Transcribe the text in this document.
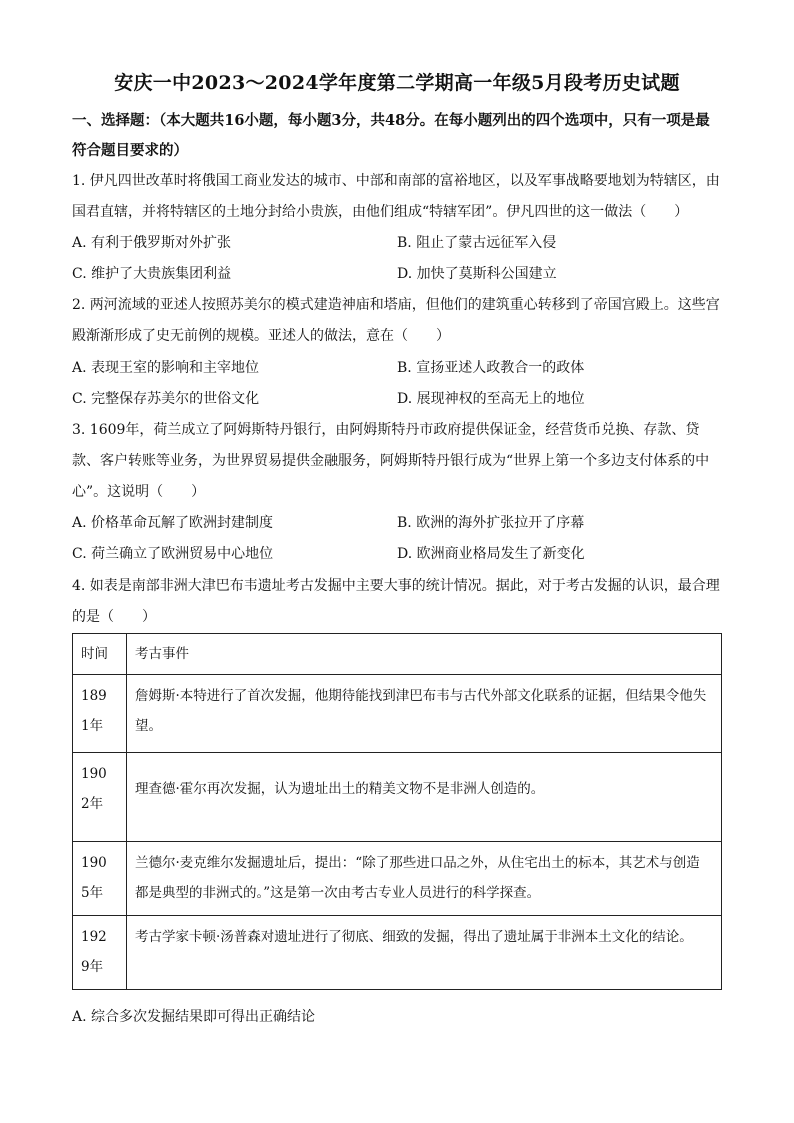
安庆一中2023～2024学年度第二学期高一年级5月段考历史试题
一、选择题：（本大题共16小题，每小题3分，共48分。在每小题列出的四个选项中，只有一项是最符合题目要求的）
1. 伊凡四世改革时将俄国工商业发达的城市、中部和南部的富裕地区，以及军事战略要地划为特辖区，由国君直辖，并将特辖区的土地分封给小贵族，由他们组成“特辖军团”。伊凡四世的这一做法（　　）
A. 有利于俄罗斯对外扩张	B. 阻止了蒙古远征军入侵
C. 维护了大贵族集团利益	D. 加快了莫斯科公国建立
2. 两河流域的亚述人按照苏美尔的模式建造神庙和塔庙，但他们的建筑重心转移到了帝国宫殿上。这些宫殿渐渐形成了史无前例的规模。亚述人的做法，意在（　　）
A. 表现王室的影响和主宰地位	B. 宣扬亚述人政教合一的政体
C. 完整保存苏美尔的世俗文化	D. 展现神权的至高无上的地位
3. 1609年，荷兰成立了阿姆斯特丹银行，由阿姆斯特丹市政府提供保证金，经营货币兑换、存款、贷款、客户转账等业务，为世界贸易提供金融服务，阿姆斯特丹银行成为“世界上第一个多边支付体系的中心”。这说明（　　）
A. 价格革命瓦解了欧洲封建制度	B. 欧洲的海外扩张拉开了序幕
C. 荷兰确立了欧洲贸易中心地位	D. 欧洲商业格局发生了新变化
4. 如表是南部非洲大津巴布韦遗址考古发掘中主要大事的统计情况。据此，对于考古发掘的认识，最合理的是（　　）
时间	考古事件

1891年	詹姆斯·本特进行了首次发掘，他期待能找到津巴布韦与古代外部文化联系的证据，但结果令他失望。

1902年	理查德·霍尔再次发掘，认为遗址出土的精美文物不是非洲人创造的。

1905年	兰德尔·麦克维尔发掘遗址后，提出：“除了那些进口品之外，从住宅出土的标本，其艺术与创造都是典型的非洲式的。”这是第一次由考古专业人员进行的科学探查。

1929年	考古学家卡顿·汤普森对遗址进行了彻底、细致的发掘，得出了遗址属于非洲本土文化的结论。
A. 综合多次发掘结果即可得出正确结论
